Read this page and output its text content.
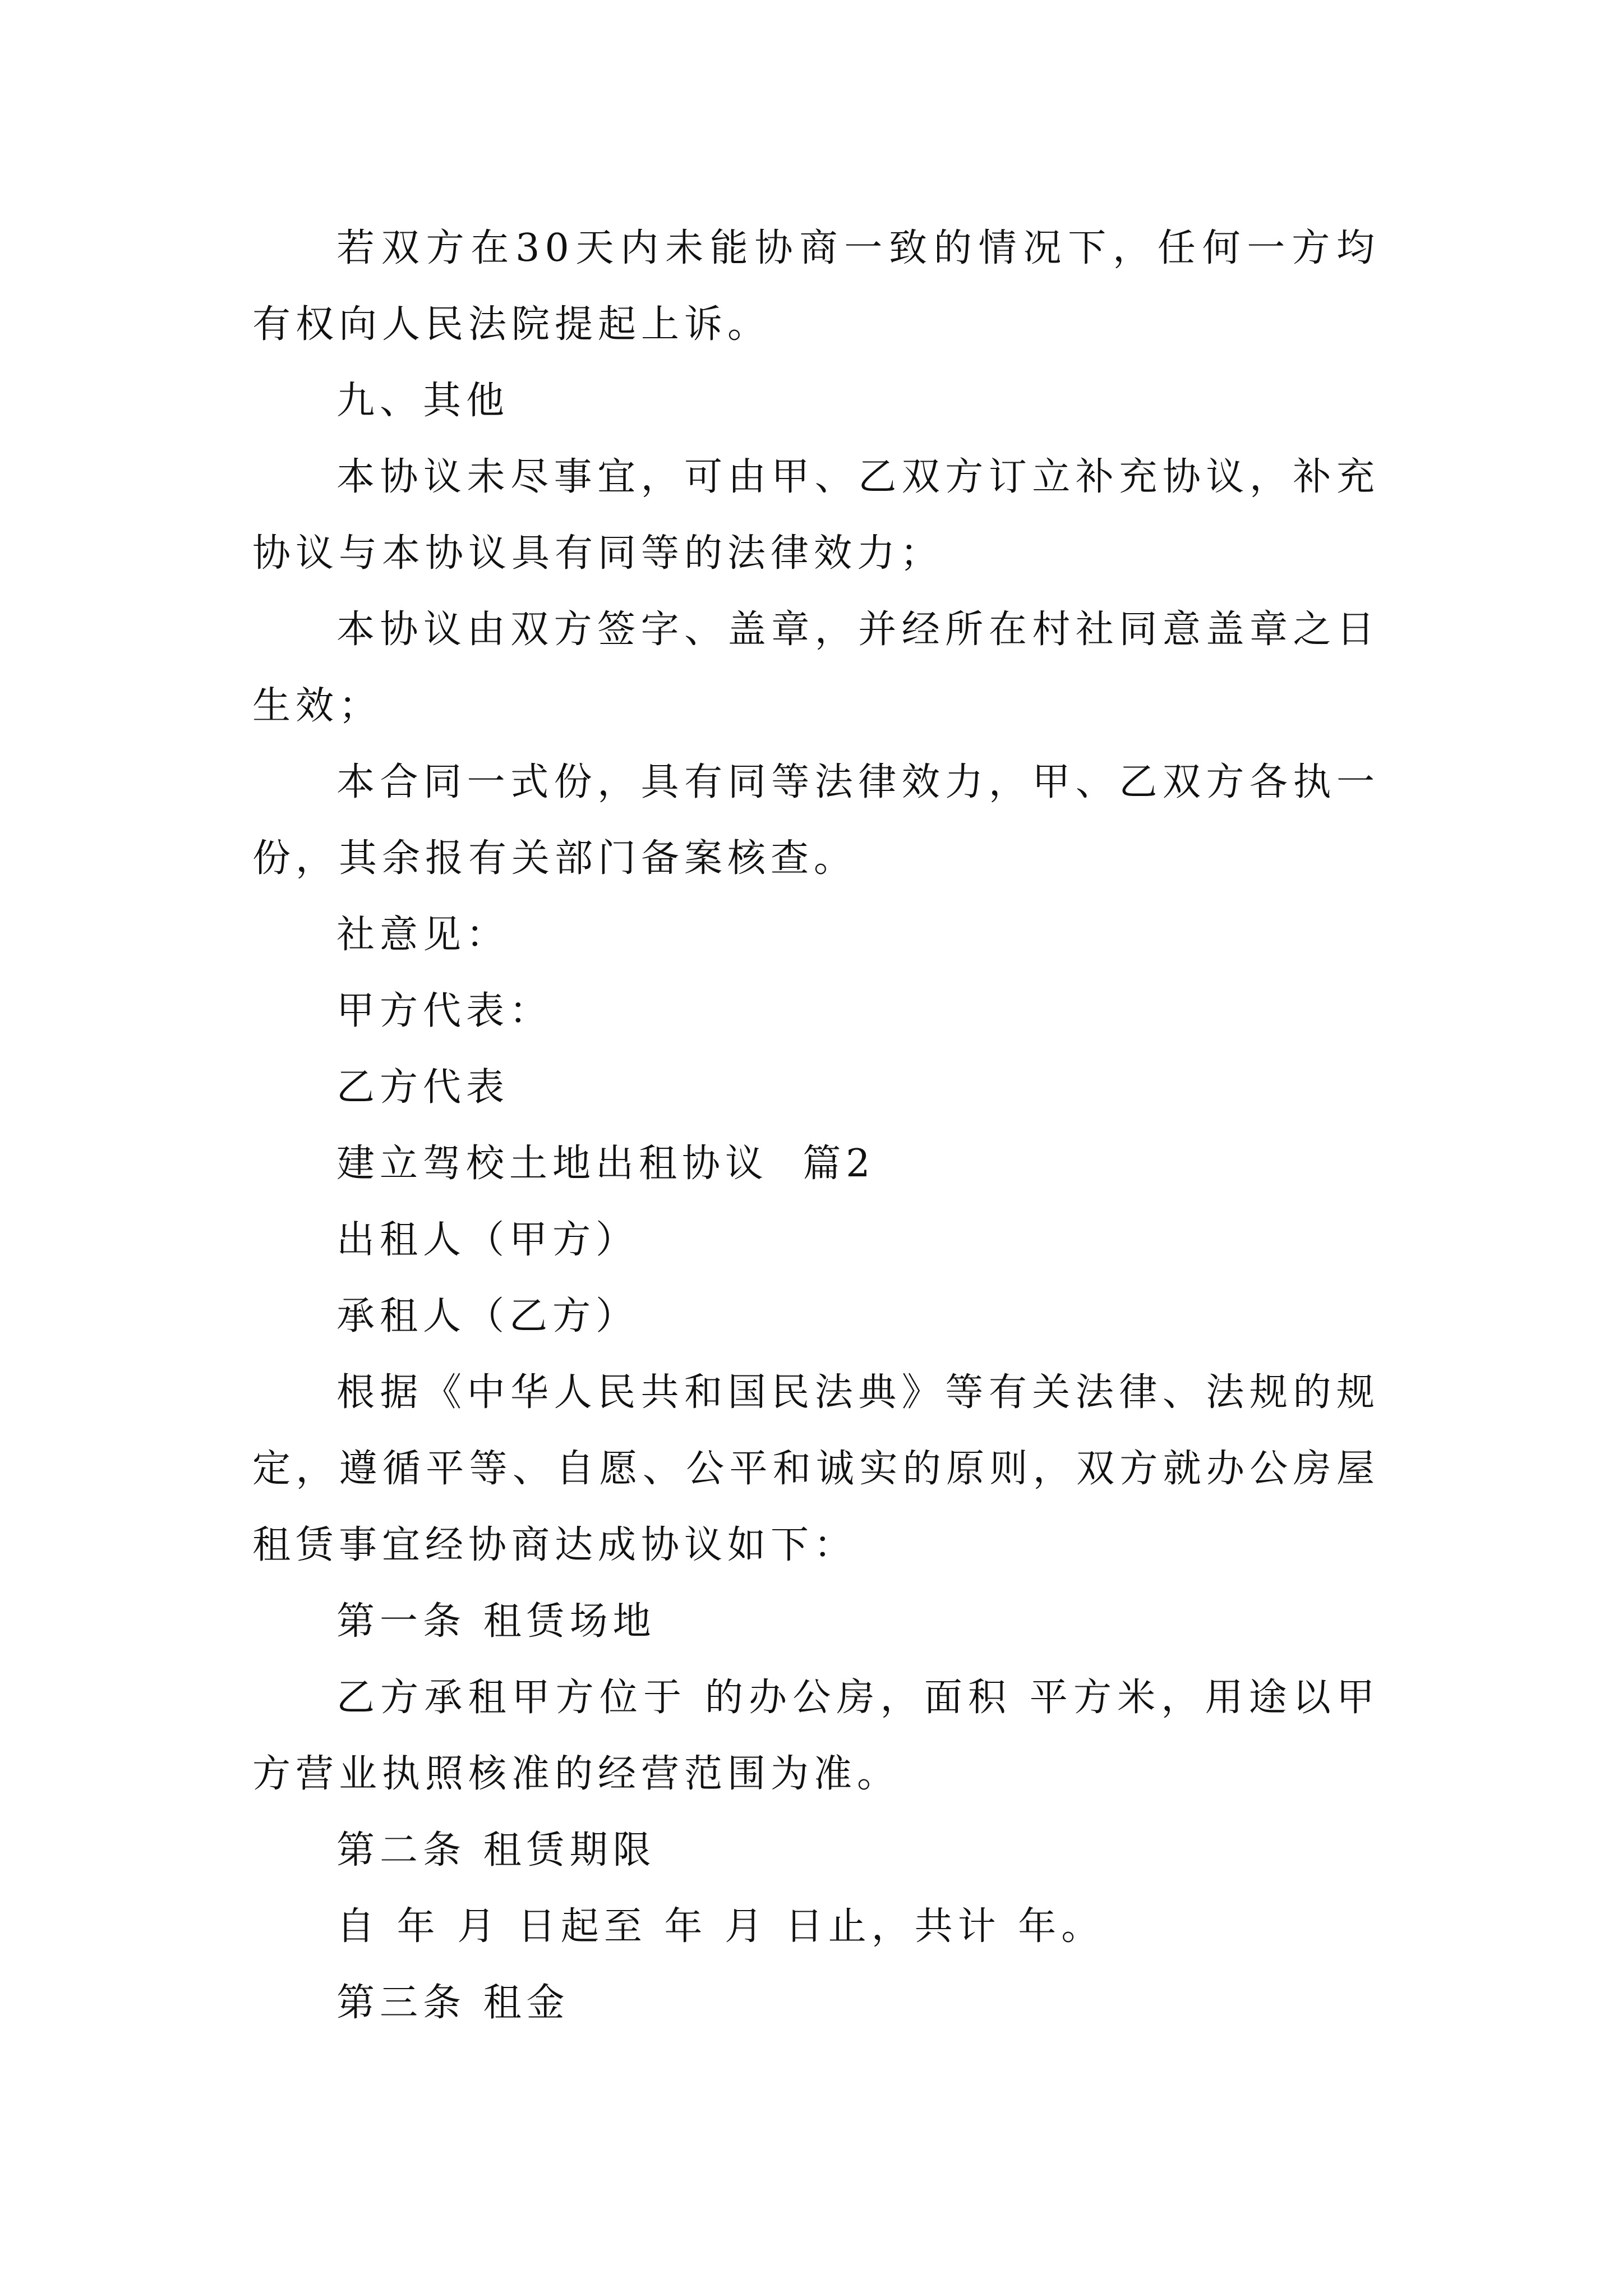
若双方在30天内未能协商一致的情况下，任何一方均有权向人民法院提起上诉。

九、其他

本协议未尽事宜，可由甲、乙双方订立补充协议，补充协议与本协议具有同等的法律效力；

本协议由双方签字、盖章，并经所在村社同意盖章之日生效；

本合同一式份，具有同等法律效力，甲、乙双方各执一份，其余报有关部门备案核查。

社意见：

甲方代表：

乙方代表

建立驾校土地出租协议  篇2

出租人（甲方）

承租人（乙方）

根据《中华人民共和国民法典》等有关法律、法规的规定，遵循平等、自愿、公平和诚实的原则，双方就办公房屋租赁事宜经协商达成协议如下：

第一条 租赁场地

乙方承租甲方位于 的办公房，面积 平方米，用途以甲方营业执照核准的经营范围为准。

第二条 租赁期限

自 年 月 日起至 年 月 日止，共计 年。

第三条 租金
